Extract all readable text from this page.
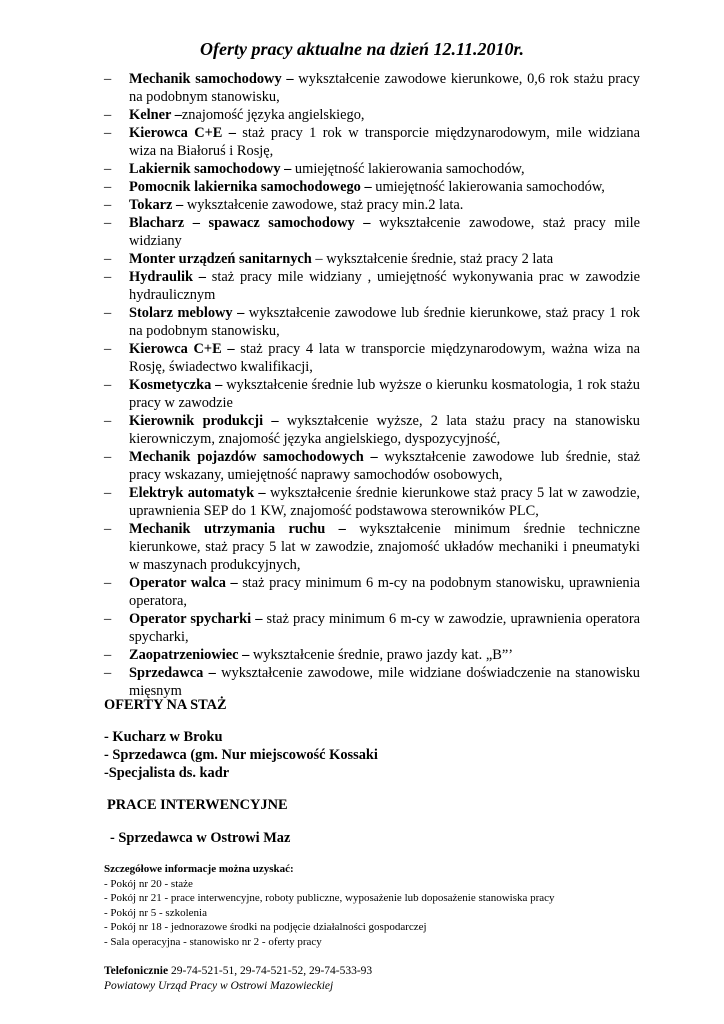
Oferty pracy aktualne na dzień 12.11.2010r.
–	Mechanik samochodowy – wykształcenie zawodowe kierunkowe, 0,6 rok stażu pracy na podobnym stanowisku,
–	Kelner –znajomość języka angielskiego,
–	Kierowca C+E – staż pracy 1 rok w transporcie międzynarodowym, mile widziana wiza na Białoruś i Rosję,
–	Lakiernik samochodowy – umiejętność lakierowania samochodów,
–	Pomocnik lakiernika samochodowego – umiejętność lakierowania samochodów,
–	Tokarz – wykształcenie zawodowe, staż pracy min.2 lata.
–	Blacharz – spawacz samochodowy – wykształcenie zawodowe, staż pracy mile widziany
–	Monter urządzeń sanitarnych – wykształcenie średnie, staż pracy 2 lata
–	Hydraulik – staż pracy mile widziany , umiejętność wykonywania prac w zawodzie hydraulicznym
–	Stolarz meblowy – wykształcenie zawodowe lub średnie kierunkowe, staż pracy 1 rok na podobnym stanowisku,
–	Kierowca C+E – staż pracy 4 lata w transporcie międzynarodowym, ważna wiza na Rosję, świadectwo kwalifikacji,
–	Kosmetyczka – wykształcenie średnie lub wyższe o kierunku kosmatologia, 1 rok stażu pracy w zawodzie
–	Kierownik produkcji – wykształcenie wyższe, 2 lata stażu pracy na stanowisku kierowniczym, znajomość języka angielskiego, dyspozycyjność,
–	Mechanik pojazdów samochodowych – wykształcenie zawodowe lub średnie, staż pracy wskazany, umiejętność naprawy samochodów osobowych,
–	Elektryk automatyk – wykształcenie średnie kierunkowe staż pracy 5 lat w zawodzie, uprawnienia SEP do 1 KW, znajomość podstawowa sterowników PLC,
–	Mechanik utrzymania ruchu – wykształcenie minimum średnie techniczne kierunkowe, staż pracy 5 lat w zawodzie, znajomość układów mechaniki i pneumatyki w maszynach produkcyjnych,
–	Operator walca – staż pracy minimum 6 m-cy na podobnym stanowisku, uprawnienia operatora,
–	Operator spycharki – staż pracy minimum 6 m-cy w zawodzie, uprawnienia operatora spycharki,
–	Zaopatrzeniowiec – wykształcenie średnie, prawo jazdy kat. „B”’
–	Sprzedawca – wykształcenie zawodowe, mile widziane doświadczenie na stanowisku mięsnym
OFERTY NA STAŻ
- Kucharz w Broku
- Sprzedawca (gm. Nur miejscowość Kossaki
-Specjalista ds. kadr
PRACE INTERWENCYJNE
- Sprzedawca w Ostrowi Maz
Szczegółowe informacje można uzyskać:
- Pokój nr 20 - staże
- Pokój nr 21 - prace interwencyjne, roboty publiczne, wyposażenie lub doposażenie stanowiska pracy
- Pokój nr 5 - szkolenia
- Pokój nr 18 - jednorazowe środki na podjęcie działalności gospodarczej
- Sala operacyjna - stanowisko nr 2 - oferty pracy
Telefonicznie 29-74-521-51, 29-74-521-52, 29-74-533-93
Powiatowy Urząd Pracy w Ostrowi Mazowieckiej
